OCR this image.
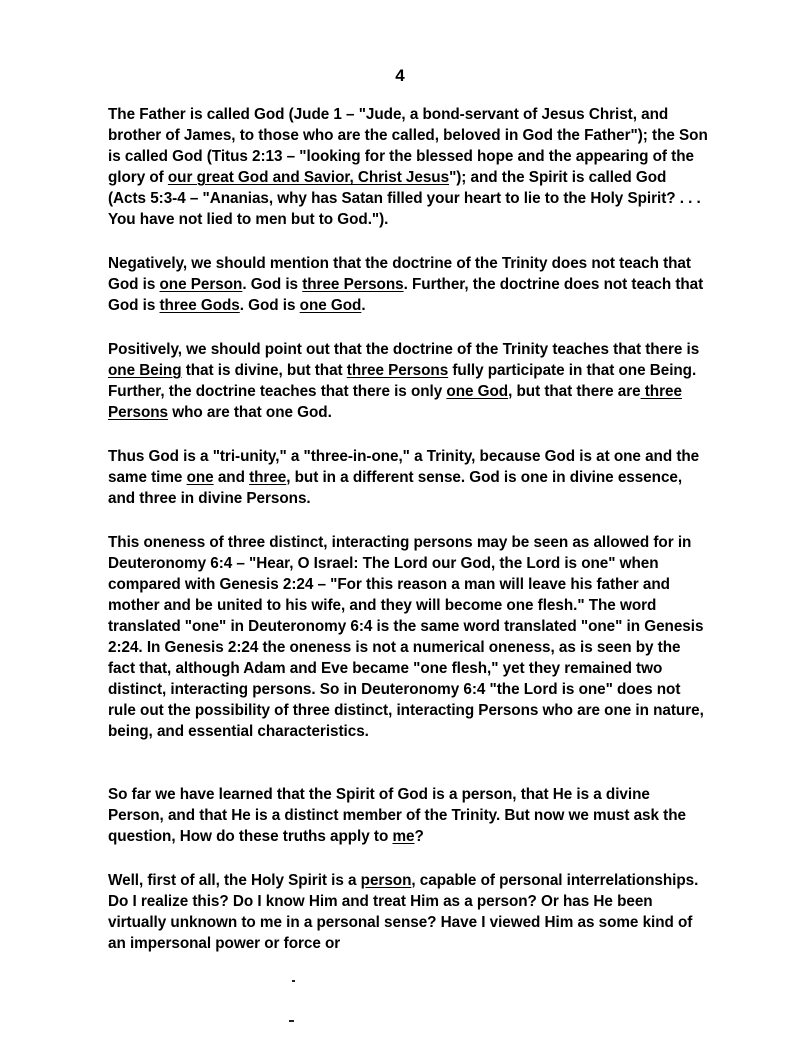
4

The Father is called God (Jude 1 – "Jude, a bond-servant of Jesus Christ, and brother of James, to those who are the called, beloved in God the Father"); the Son is called God (Titus 2:13 – "looking for the blessed hope and the appearing of the glory of our great God and Savior, Christ Jesus"); and the Spirit is called God (Acts 5:3-4 – "Ananias, why has Satan filled your heart to lie to the Holy Spirit? . . . You have not lied to men but to God.").

Negatively, we should mention that the doctrine of the Trinity does not teach that God is one Person. God is three Persons. Further, the doctrine does not teach that God is three Gods. God is one God.

Positively, we should point out that the doctrine of the Trinity teaches that there is one Being that is divine, but that three Persons fully participate in that one Being. Further, the doctrine teaches that there is only one God, but that there are three Persons who are that one God.

Thus God is a "tri-unity," a "three-in-one," a Trinity, because God is at one and the same time one and three, but in a different sense. God is one in divine essence, and three in divine Persons.

This oneness of three distinct, interacting persons may be seen as allowed for in Deuteronomy 6:4 – "Hear, O Israel: The Lord our God, the Lord is one" when compared with Genesis 2:24 – "For this reason a man will leave his father and mother and be united to his wife, and they will become one flesh." The word translated "one" in Deuteronomy 6:4 is the same word translated "one" in Genesis 2:24. In Genesis 2:24 the oneness is not a numerical oneness, as is seen by the fact that, although Adam and Eve became "one flesh," yet they remained two distinct, interacting persons. So in Deuteronomy 6:4 "the Lord is one" does not rule out the possibility of three distinct, interacting Persons who are one in nature, being, and essential characteristics.

So far we have learned that the Spirit of God is a person, that He is a divine Person, and that He is a distinct member of the Trinity. But now we must ask the question, How do these truths apply to me?

Well, first of all, the Holy Spirit is a person, capable of personal interrelationships. Do I realize this? Do I know Him and treat Him as a person? Or has He been virtually unknown to me in a personal sense? Have I viewed Him as some kind of an impersonal power or force or
